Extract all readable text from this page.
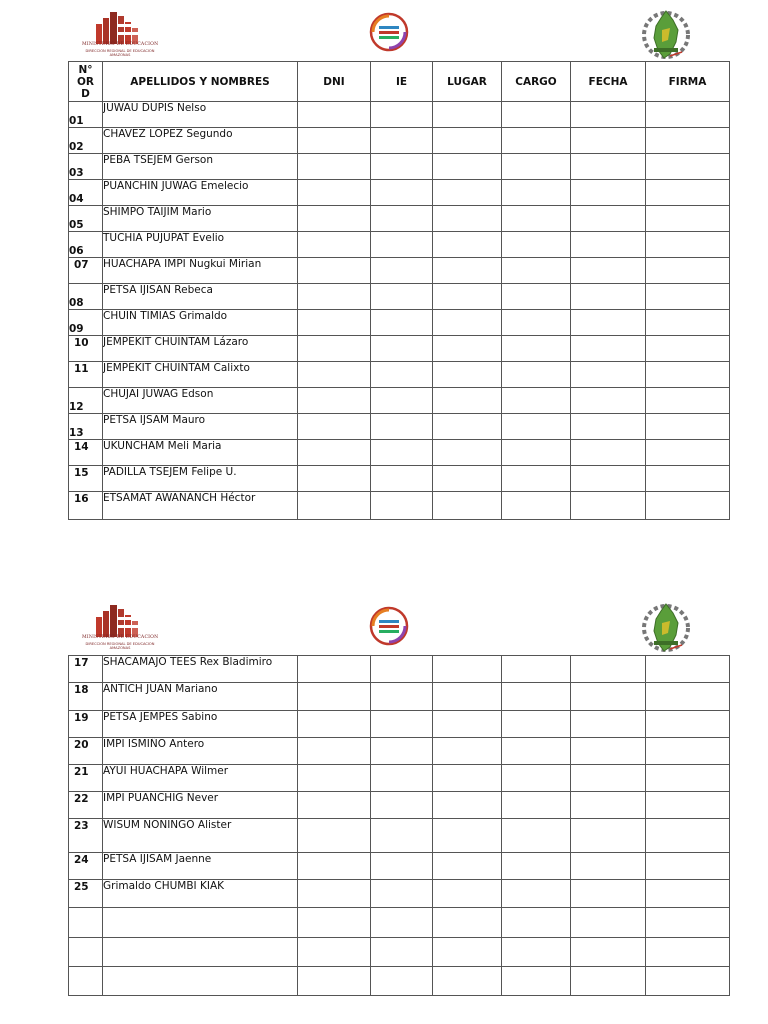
MINISTERIO DE EDUCACION
DIRECCION REGIONAL DE EDUCACION
AMAZONAS
N°
OR
D	APELLIDOS Y NOMBRES	DNI	IE	LUGAR	CARGO	FECHA	FIRMA
01	JUWAU DUPIS Nelso						
02	CHAVEZ LOPEZ Segundo						
03	PEBA TSEJEM Gerson						
04	PUANCHIN JUWAG Emelecio						
05	SHIMPO TAIJIM Mario						
06	TUCHIA PUJUPAT Evelio						
07	HUACHAPA IMPI Nugkui Mirian						
08	PETSA IJISAN Rebeca						
09	CHUIN TIMIAS Grimaldo						
10	JEMPEKIT CHUINTAM Lázaro						
11	JEMPEKIT CHUINTAM Calixto						
12	CHUJAI JUWAG Edson						
13	PETSA IJSAM Mauro						
14	UKUNCHAM Meli Maria						
15	PADILLA TSEJEM Felipe U.						
16	ETSAMAT AWANANCH Héctor						
MINISTERIO DE EDUCACION
DIRECCION REGIONAL DE EDUCACION
AMAZONAS
17	SHACAMAJO TEES Rex Bladimiro						
18	ANTICH JUAN Mariano						
19	PETSA JEMPES Sabino						
20	IMPI ISMIÑO Antero						
21	AYUI HUACHAPA Wilmer						
22	IMPI PUANCHIG Never						
23	WISUM NONINGO Alister						
24	PETSA IJISAM Jaenne						
25	Grimaldo CHUMBI KIAK						
